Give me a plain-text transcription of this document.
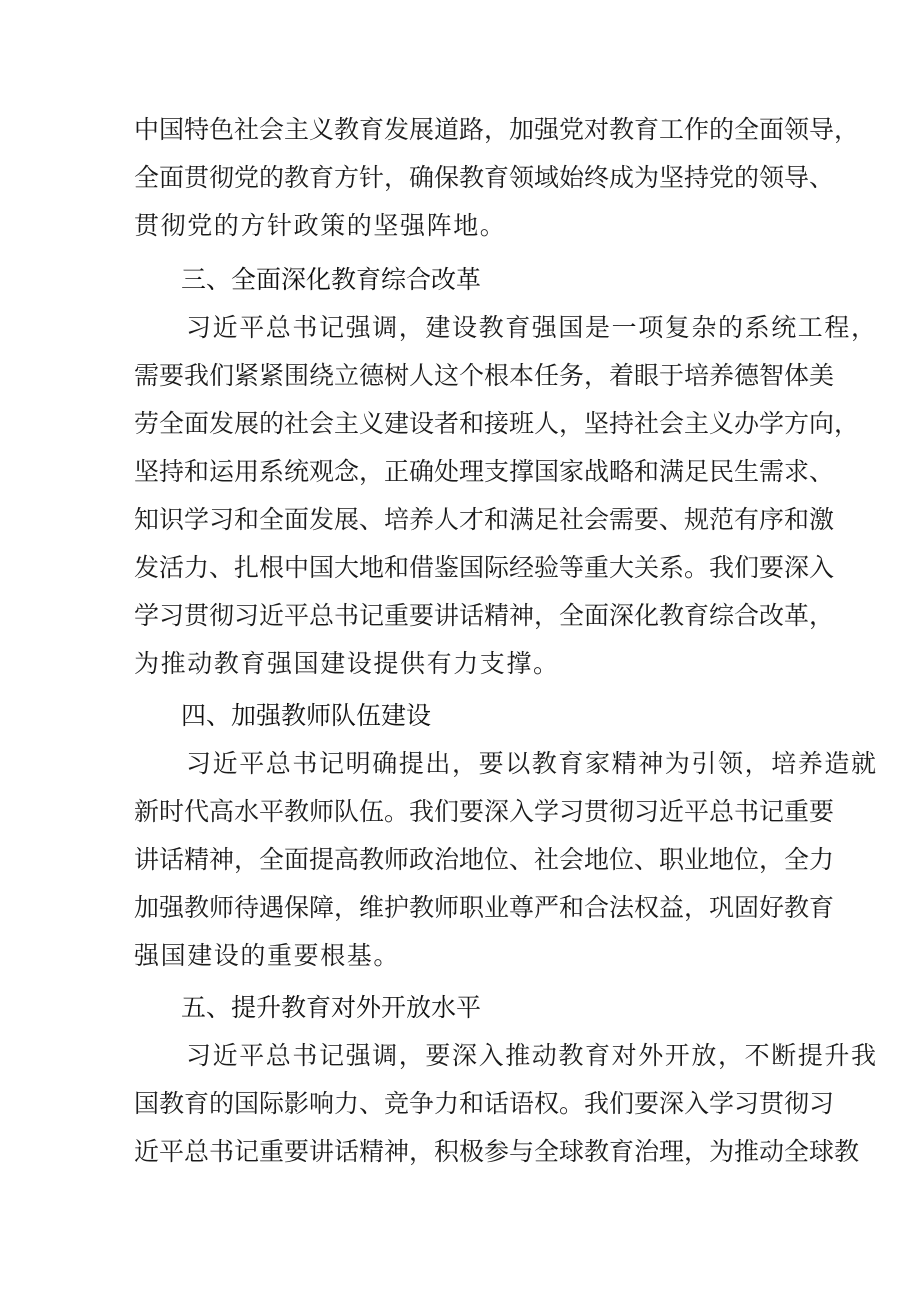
中国特色社会主义教育发展道路，加强党对教育工作的全面领导，
全面贯彻党的教育方针，确保教育领域始终成为坚持党的领导、
贯彻党的方针政策的坚强阵地。
三、全面深化教育综合改革
习近平总书记强调，建设教育强国是一项复杂的系统工程，
需要我们紧紧围绕立德树人这个根本任务，着眼于培养德智体美
劳全面发展的社会主义建设者和接班人，坚持社会主义办学方向，
坚持和运用系统观念，正确处理支撑国家战略和满足民生需求、
知识学习和全面发展、培养人才和满足社会需要、规范有序和激
发活力、扎根中国大地和借鉴国际经验等重大关系。我们要深入
学习贯彻习近平总书记重要讲话精神，全面深化教育综合改革，
为推动教育强国建设提供有力支撑。
四、加强教师队伍建设
习近平总书记明确提出，要以教育家精神为引领，培养造就
新时代高水平教师队伍。我们要深入学习贯彻习近平总书记重要
讲话精神，全面提高教师政治地位、社会地位、职业地位，全力
加强教师待遇保障，维护教师职业尊严和合法权益，巩固好教育
强国建设的重要根基。
五、提升教育对外开放水平
习近平总书记强调，要深入推动教育对外开放，不断提升我
国教育的国际影响力、竞争力和话语权。我们要深入学习贯彻习
近平总书记重要讲话精神，积极参与全球教育治理，为推动全球教
